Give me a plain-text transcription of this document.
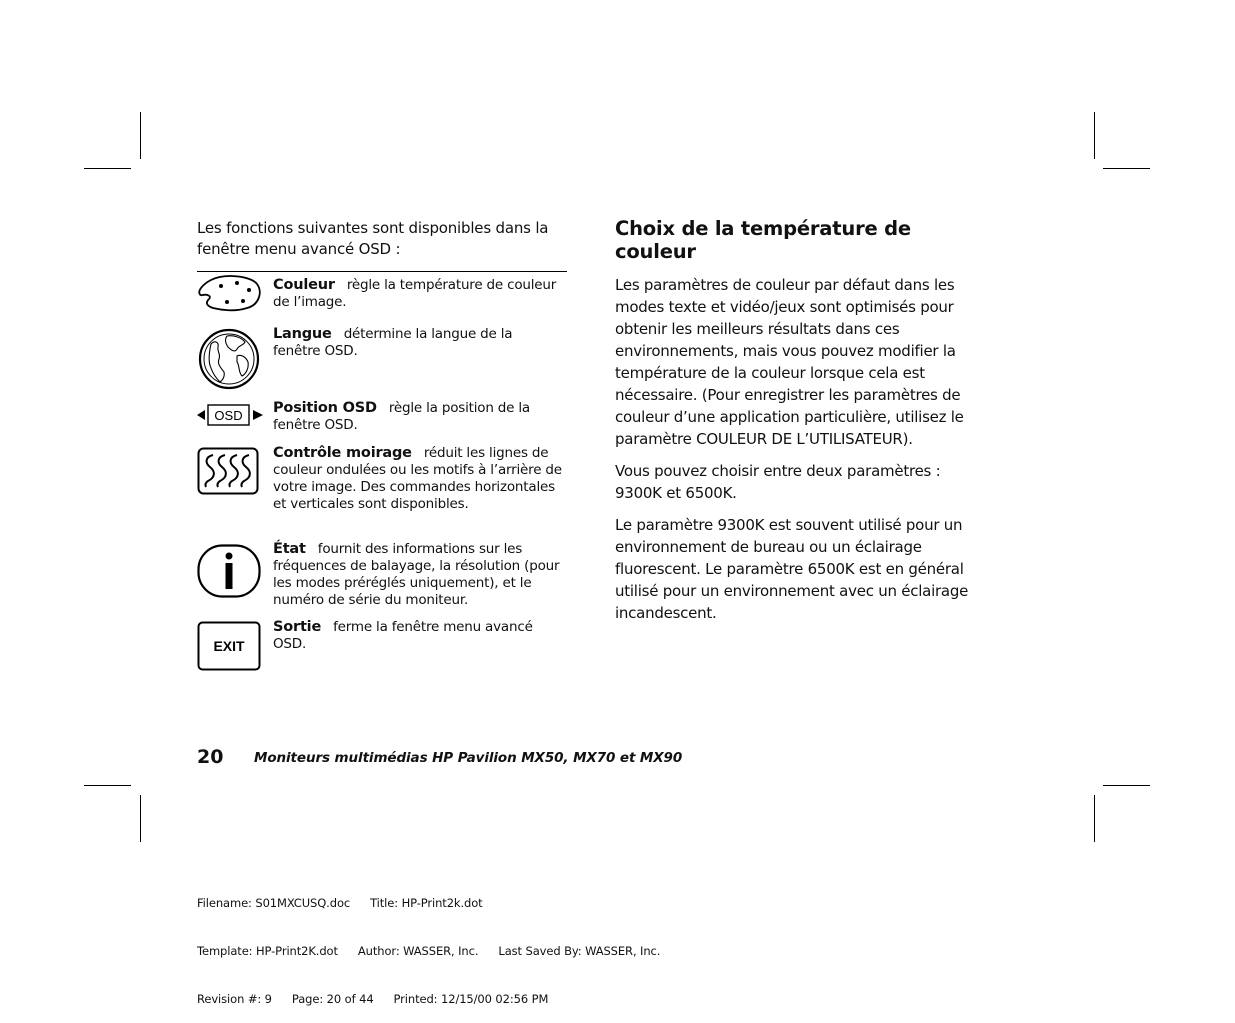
Les fonctions suivantes sont disponibles dans la fenêtre menu avancé OSD :

Couleur règle la température de couleur de l’image.
Langue détermine la langue de la fenêtre OSD.
OSD Position OSD règle la position de la fenêtre OSD.
Contrôle moirage réduit les lignes de couleur ondulées ou les motifs à l’arrière de votre image. Des commandes horizontales et verticales sont disponibles.
État fournit des informations sur les fréquences de balayage, la résolution (pour les modes préréglés uniquement), et le numéro de série du moniteur.
EXIT
Sortie ferme la fenêtre menu avancé OSD.
Choix de la température de couleur

Les paramètres de couleur par défaut dans les modes texte et vidéo/jeux sont optimisés pour obtenir les meilleurs résultats dans ces environnements, mais vous pouvez modifier la température de la couleur lorsque cela est nécessaire. (Pour enregistrer les paramètres de couleur d’une application particulière, utilisez le paramètre COULEUR DE L’UTILISATEUR).

Vous pouvez choisir entre deux paramètres : 9300K et 6500K.

Le paramètre 9300K est souvent utilisé pour un environnement de bureau ou un éclairage fluorescent. Le paramètre 6500K est en général utilisé pour un environnement avec un éclairage incandescent.

20 Moniteurs multimédias HP Pavilion MX50, MX70 et MX90

Filename: S01MXCUSQ.doc Title: HP-Print2k.dot

Template: HP-Print2K.dot Author: WASSER, Inc. Last Saved By: WASSER, Inc.

Revision #: 9 Page: 20 of 44 Printed: 12/15/00 02:56 PM
